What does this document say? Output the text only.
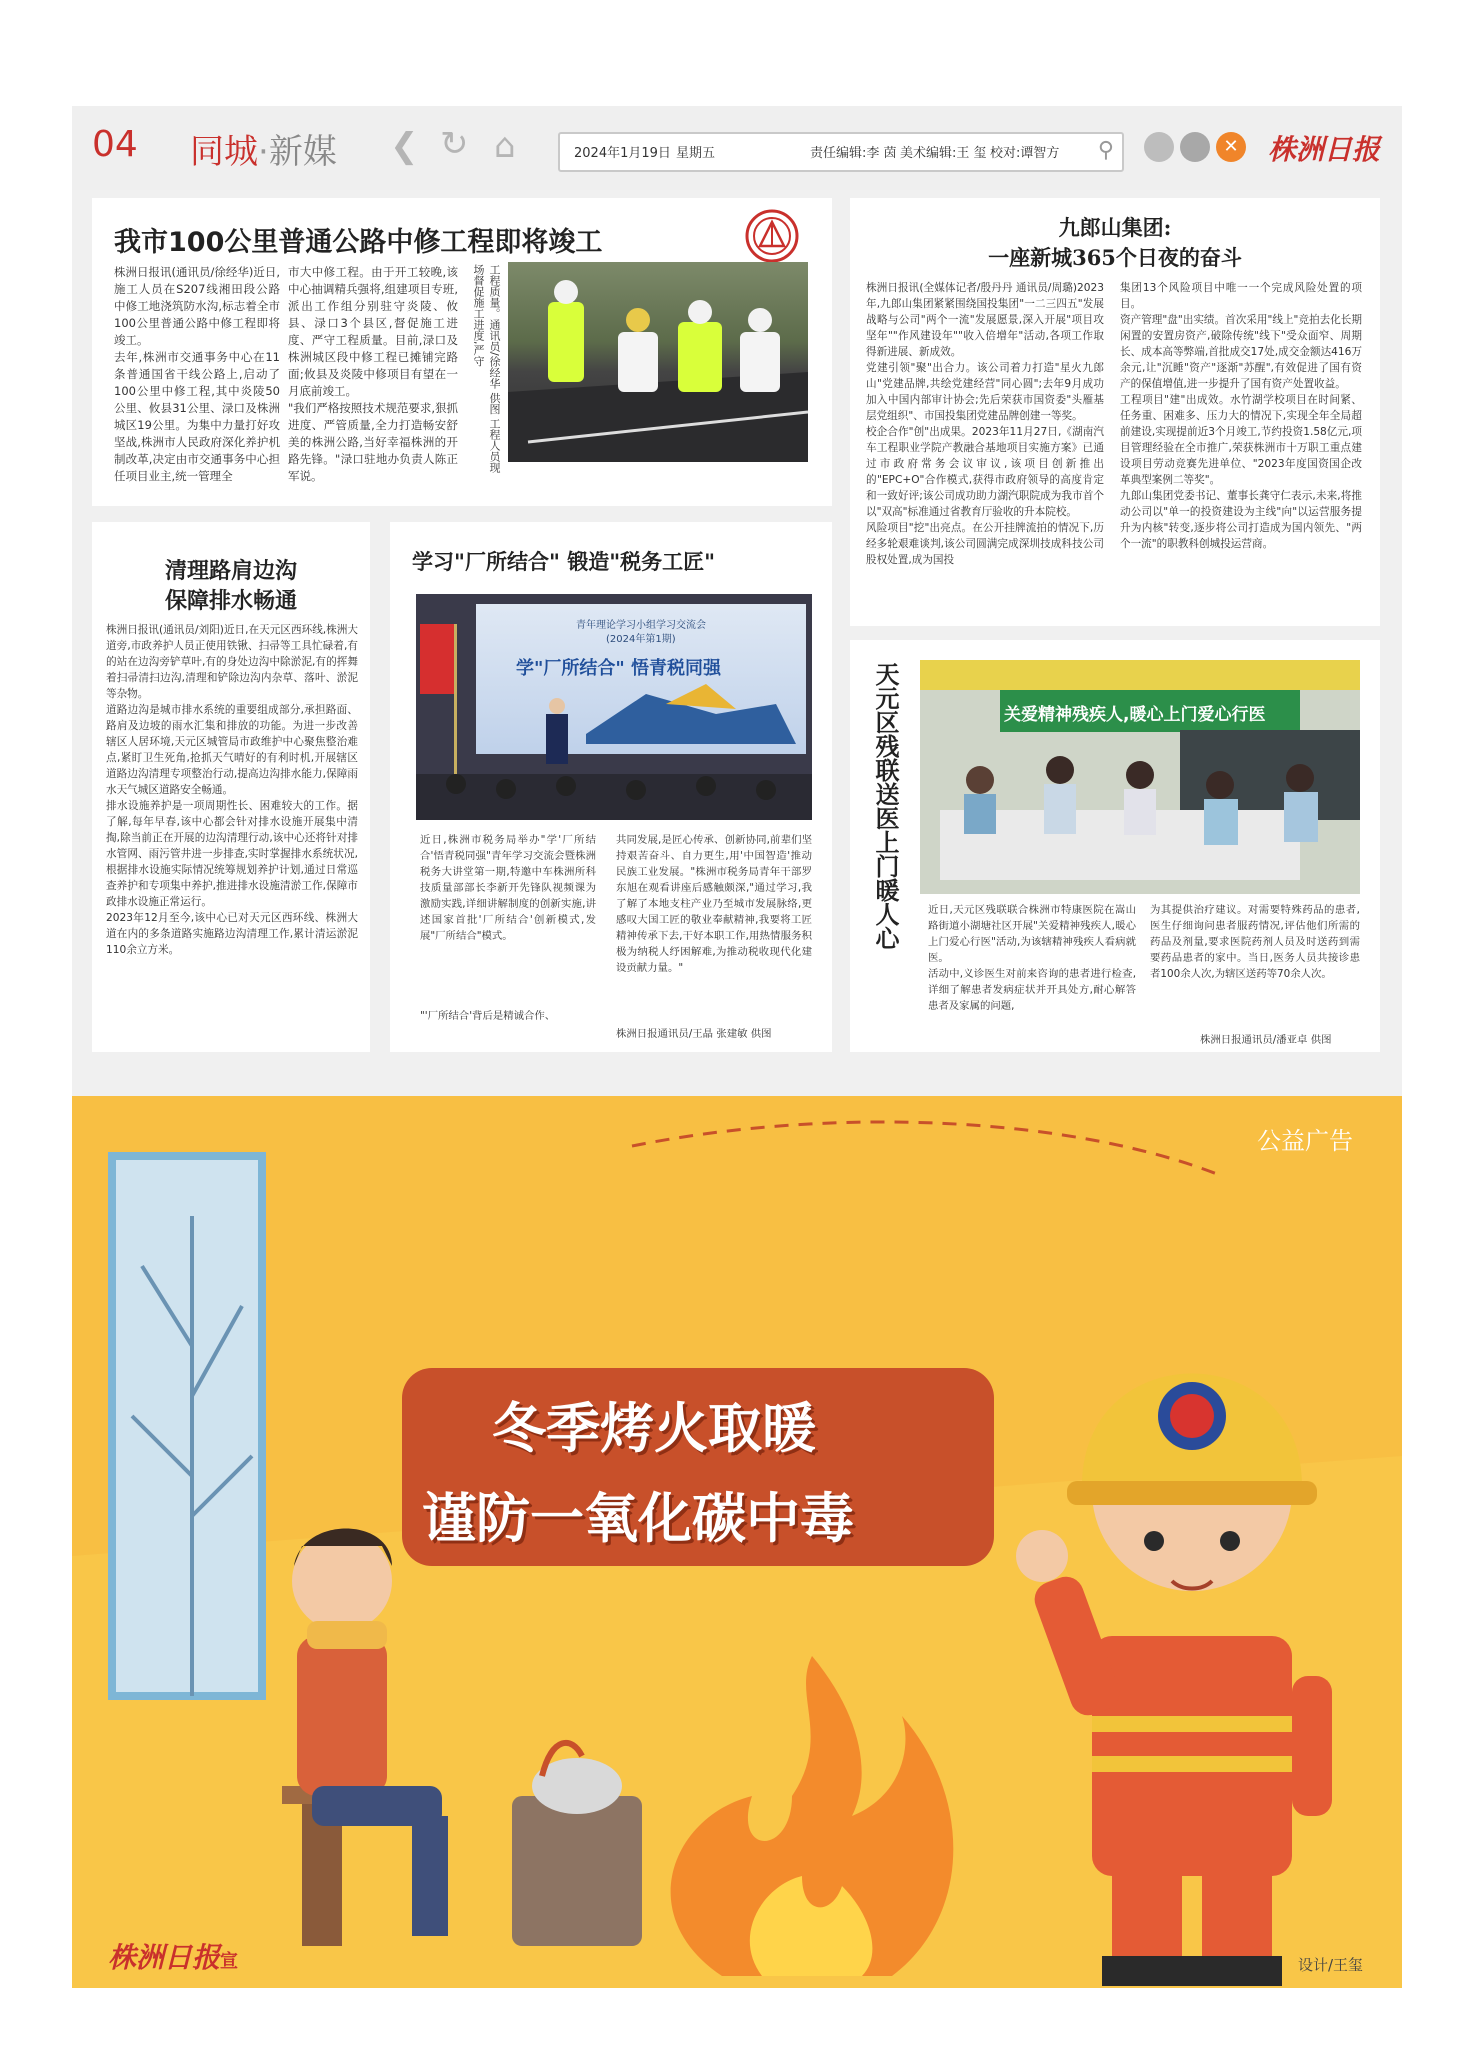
04 同城·新媒 ❮ ↻ ⌂	2024年1月19日 星期五	责任编辑:李 茵 美术编辑:王 玺 校对:谭智方 ⚲	✕ 株洲日报
我市100公里普通公路中修工程即将竣工
株洲日报讯(通讯员/徐经华)近日,施工人员在S207线湘田段公路中修工地浇筑防水沟,标志着全市100公里普通公路中修工程即将竣工。
去年,株洲市交通事务中心在11条普通国省干线公路上,启动了100公里中修工程,其中炎陵50公里、攸县31公里、渌口及株洲城区19公里。为集中力量打好攻坚战,株洲市人民政府深化养护机制改革,决定由市交通事务中心担任项目业主,统一管理全
市大中修工程。由于开工较晚,该中心抽调精兵强将,组建项目专班,派出工作组分别驻守炎陵、攸县、渌口3个县区,督促施工进度、严守工程质量。目前,渌口及株洲城区段中修工程已摊铺完路面;攸县及炎陵中修项目有望在一月底前竣工。
"我们严格按照技术规范要求,狠抓进度、严管质量,全力打造畅安舒美的株洲公路,当好幸福株洲的开路先锋。"渌口驻地办负责人陈正军说。
工程质量。通讯员/徐经华 供图 工程人员现场督促施工进度,严守
九郎山集团:
一座新城365个日夜的奋斗
株洲日报讯(全媒体记者/殷丹丹 通讯员/周璐)2023年,九郎山集团紧紧围绕国投集团"一二三四五"发展战略与公司"两个一流"发展愿景,深入开展"项目攻坚年""作风建设年""收入倍增年"活动,各项工作取得新进展、新成效。
党建引领"聚"出合力。该公司着力打造"星火九郎山"党建品牌,共绘党建经营"同心圆";去年9月成功加入中国内部审计协会;先后荣获市国资委"头雁基层党组织"、市国投集团党建品牌创建一等奖。
校企合作"创"出成果。2023年11月27日,《湖南汽车工程职业学院产教融合基地项目实施方案》已通过市政府常务会议审议,该项目创新推出的"EPC+O"合作模式,获得市政府领导的高度肯定和一致好评;该公司成功助力湖汽职院成为我市首个以"双高"标准通过省教育厅验收的升本院校。
风险项目"挖"出亮点。在公开挂牌流拍的情况下,历经多轮艰难谈判,该公司圆满完成深圳技成科技公司股权处置,成为国投
集团13个风险项目中唯一一个完成风险处置的项目。
资产管理"盘"出实绩。首次采用"线上"竞拍去化长期闲置的安置房资产,破除传统"线下"受众面窄、周期长、成本高等弊端,首批成交17处,成交金额达416万余元,让"沉睡"资产"逐渐"苏醒",有效促进了国有资产的保值增值,进一步提升了国有资产处置收益。
工程项目"建"出成效。水竹湖学校项目在时间紧、任务重、困难多、压力大的情况下,实现全年全局超前建设,实现提前近3个月竣工,节约投资1.58亿元,项目管理经验在全市推广,荣获株洲市十万职工重点建设项目劳动竞赛先进单位、"2023年度国资国企改革典型案例二等奖"。
九郎山集团党委书记、董事长龚守仁表示,未来,将推动公司以"单一的投资建设为主线"向"以运营服务提升为内核"转变,逐步将公司打造成为国内领先、"两个一流"的职教科创城投运营商。
清理路肩边沟
保障排水畅通
株洲日报讯(通讯员/刘阳)近日,在天元区西环线,株洲大道旁,市政养护人员正使用铁锹、扫帚等工具忙碌着,有的站在边沟旁铲草叶,有的身处边沟中除淤泥,有的挥舞着扫帚清扫边沟,清理和铲除边沟内杂草、落叶、淤泥等杂物。
道路边沟是城市排水系统的重要组成部分,承担路面、路肩及边坡的雨水汇集和排放的功能。为进一步改善辖区人居环境,天元区城管局市政维护中心聚焦整治难点,紧盯卫生死角,抢抓天气晴好的有利时机,开展辖区道路边沟清理专项整治行动,提高边沟排水能力,保障雨水天气城区道路安全畅通。
排水设施养护是一项周期性长、困难较大的工作。据了解,每年早春,该中心都会针对排水设施开展集中清掏,除当前正在开展的边沟清理行动,该中心还将针对排水管网、雨污管井进一步排查,实时掌握排水系统状况,根据排水设施实际情况统筹规划养护计划,通过日常巡查养护和专项集中养护,推进排水设施清淤工作,保障市政排水设施正常运行。
2023年12月至今,该中心已对天元区西环线、株洲大道在内的多条道路实施路边沟清理工作,累计清运淤泥110余立方米。
学习"厂所结合" 锻造"税务工匠"
青年理论学习小组学习交流会
(2024年第1期)
学"厂所结合" 悟青税同强
近日,株洲市税务局举办"学'厂所结合'悟青税同强"青年学习交流会暨株洲税务大讲堂第一期,特邀中车株洲所科技质量部部长李新开先锋队视频课为激励实践,详细讲解制度的创新实施,讲述国家首批'厂所结合'创新模式,发展"厂所结合"模式。
"'厂所结合'背后是精诚合作、
共同发展,是匠心传承、创新协同,前辈们坚持艰苦奋斗、自力更生,用'中国智造'推动民族工业发展。"株洲市税务局青年干部罗东旭在观看讲座后感触颇深,"通过学习,我了解了本地支柱产业乃至城市发展脉络,更感叹大国工匠的敬业奉献精神,我要将工匠精神传承下去,干好本职工作,用热情服务积极为纳税人纾困解难,为推动税收现代化建设贡献力量。"
株洲日报通讯员/王晶 张建敏 供图
天元区残联送医上门暖人心	关爱精神残疾人,暖心上门爱心行医
近日,天元区残联联合株洲市特康医院在嵩山路街道小湖塘社区开展"关爱精神残疾人,暖心上门爱心行医"活动,为该辖精神残疾人看病就医。
活动中,义诊医生对前来咨询的患者进行检查,详细了解患者发病症状并开具处方,耐心解答患者及家属的问题,
为其提供治疗建议。对需要特殊药品的患者,医生仔细询问患者服药情况,评估他们所需的药品及剂量,要求医院药剂人员及时送药到需要药品患者的家中。当日,医务人员共接诊患者100余人次,为辖区送药等70余人次。
株洲日报通讯员/潘亚卓 供图
冬季烤火取暖
谨防一氧化碳中毒
公益广告
株洲日报宣	设计/王玺
